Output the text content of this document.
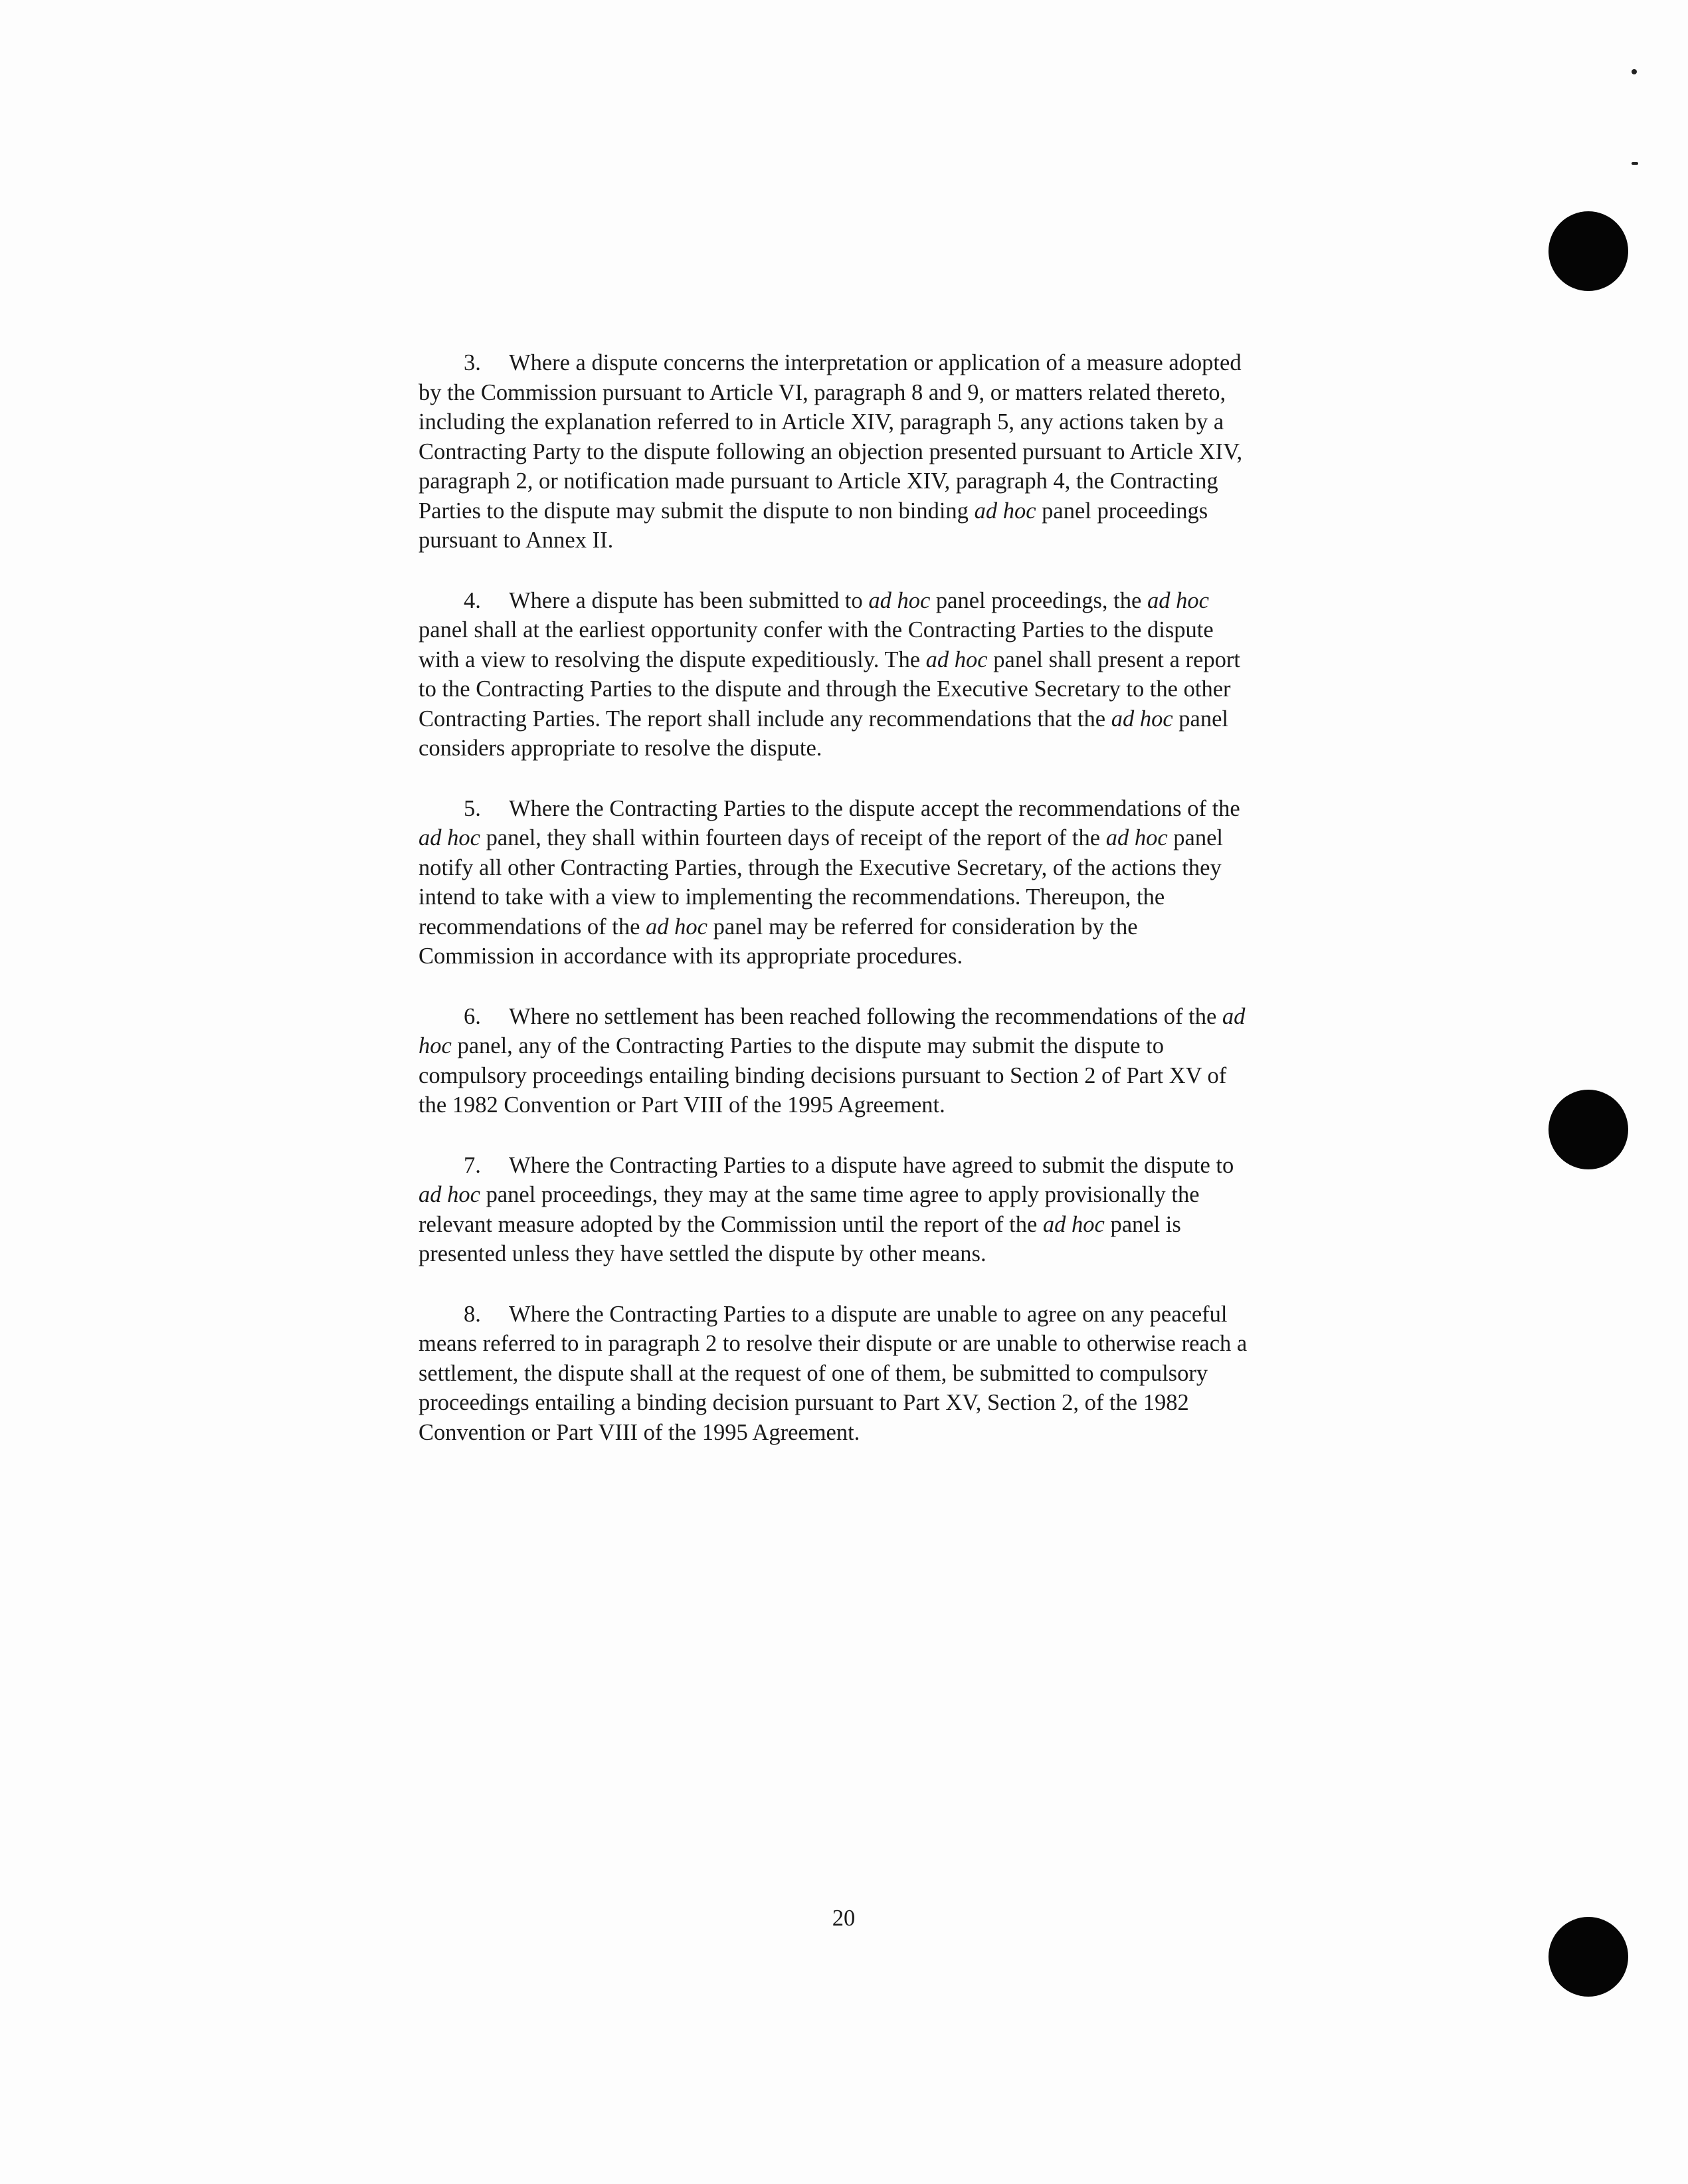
3. Where a dispute concerns the interpretation or application of a measure adopted by the Commission pursuant to Article VI, paragraph 8 and 9, or matters related thereto, including the explanation referred to in Article XIV, paragraph 5, any actions taken by a Contracting Party to the dispute following an objection presented pursuant to Article XIV, paragraph 2, or notification made pursuant to Article XIV, paragraph 4, the Contracting Parties to the dispute may submit the dispute to non binding ad hoc panel proceedings pursuant to Annex II.

4. Where a dispute has been submitted to ad hoc panel proceedings, the ad hoc panel shall at the earliest opportunity confer with the Contracting Parties to the dispute with a view to resolving the dispute expeditiously. The ad hoc panel shall present a report to the Contracting Parties to the dispute and through the Executive Secretary to the other Contracting Parties. The report shall include any recommendations that the ad hoc panel considers appropriate to resolve the dispute.

5. Where the Contracting Parties to the dispute accept the recommendations of the ad hoc panel, they shall within fourteen days of receipt of the report of the ad hoc panel notify all other Contracting Parties, through the Executive Secretary, of the actions they intend to take with a view to implementing the recommendations. Thereupon, the recommendations of the ad hoc panel may be referred for consideration by the Commission in accordance with its appropriate procedures.

6. Where no settlement has been reached following the recommendations of the ad hoc panel, any of the Contracting Parties to the dispute may submit the dispute to compulsory proceedings entailing binding decisions pursuant to Section 2 of Part XV of the 1982 Convention or Part VIII of the 1995 Agreement.

7. Where the Contracting Parties to a dispute have agreed to submit the dispute to ad hoc panel proceedings, they may at the same time agree to apply provisionally the relevant measure adopted by the Commission until the report of the ad hoc panel is presented unless they have settled the dispute by other means.

8. Where the Contracting Parties to a dispute are unable to agree on any peaceful means referred to in paragraph 2 to resolve their dispute or are unable to otherwise reach a settlement, the dispute shall at the request of one of them, be submitted to compulsory proceedings entailing a binding decision pursuant to Part XV, Section 2, of the 1982 Convention or Part VIII of the 1995 Agreement.

20
